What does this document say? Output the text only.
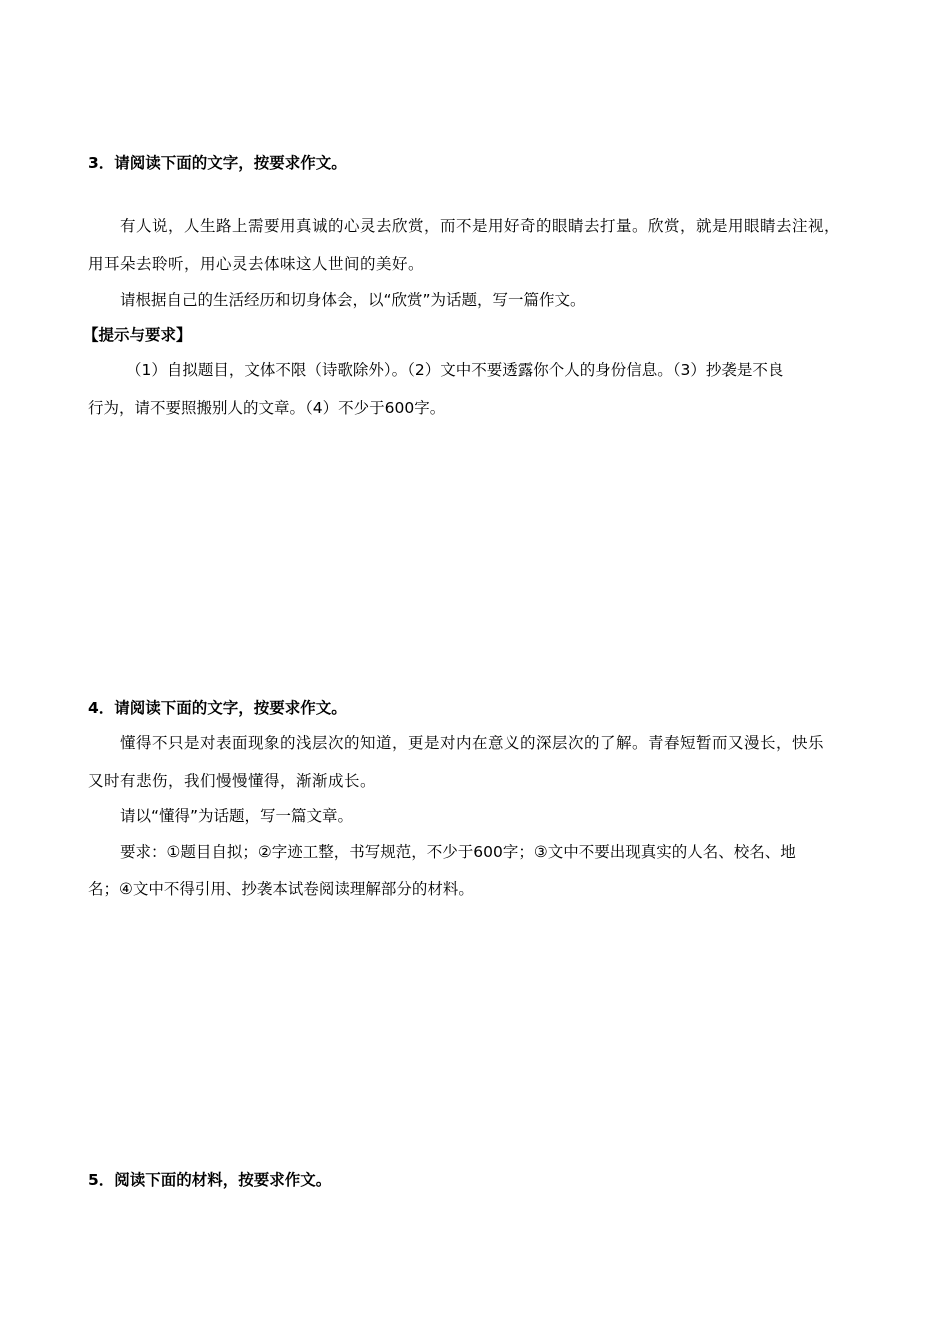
3．请阅读下面的文字，按要求作文。
有人说，人生路上需要用真诚的心灵去欣赏，而不是用好奇的眼睛去打量。欣赏，就是用眼睛去注视，
用耳朵去聆听，用心灵去体味这人世间的美好。
请根据自己的生活经历和切身体会，以“欣赏”为话题，写一篇作文。
【提示与要求】
（1）自拟题目，文体不限（诗歌除外）。（2）文中不要透露你个人的身份信息。（3）抄袭是不良
行为，请不要照搬别人的文章。（4）不少于600字。
4．请阅读下面的文字，按要求作文。
懂得不只是对表面现象的浅层次的知道，更是对内在意义的深层次的了解。青春短暂而又漫长，快乐
又时有悲伤，我们慢慢懂得，渐渐成长。
请以“懂得”为话题，写一篇文章。
要求：①题目自拟；②字迹工整，书写规范，不少于600字；③文中不要出现真实的人名、校名、地
名；④文中不得引用、抄袭本试卷阅读理解部分的材料。
5．阅读下面的材料，按要求作文。
